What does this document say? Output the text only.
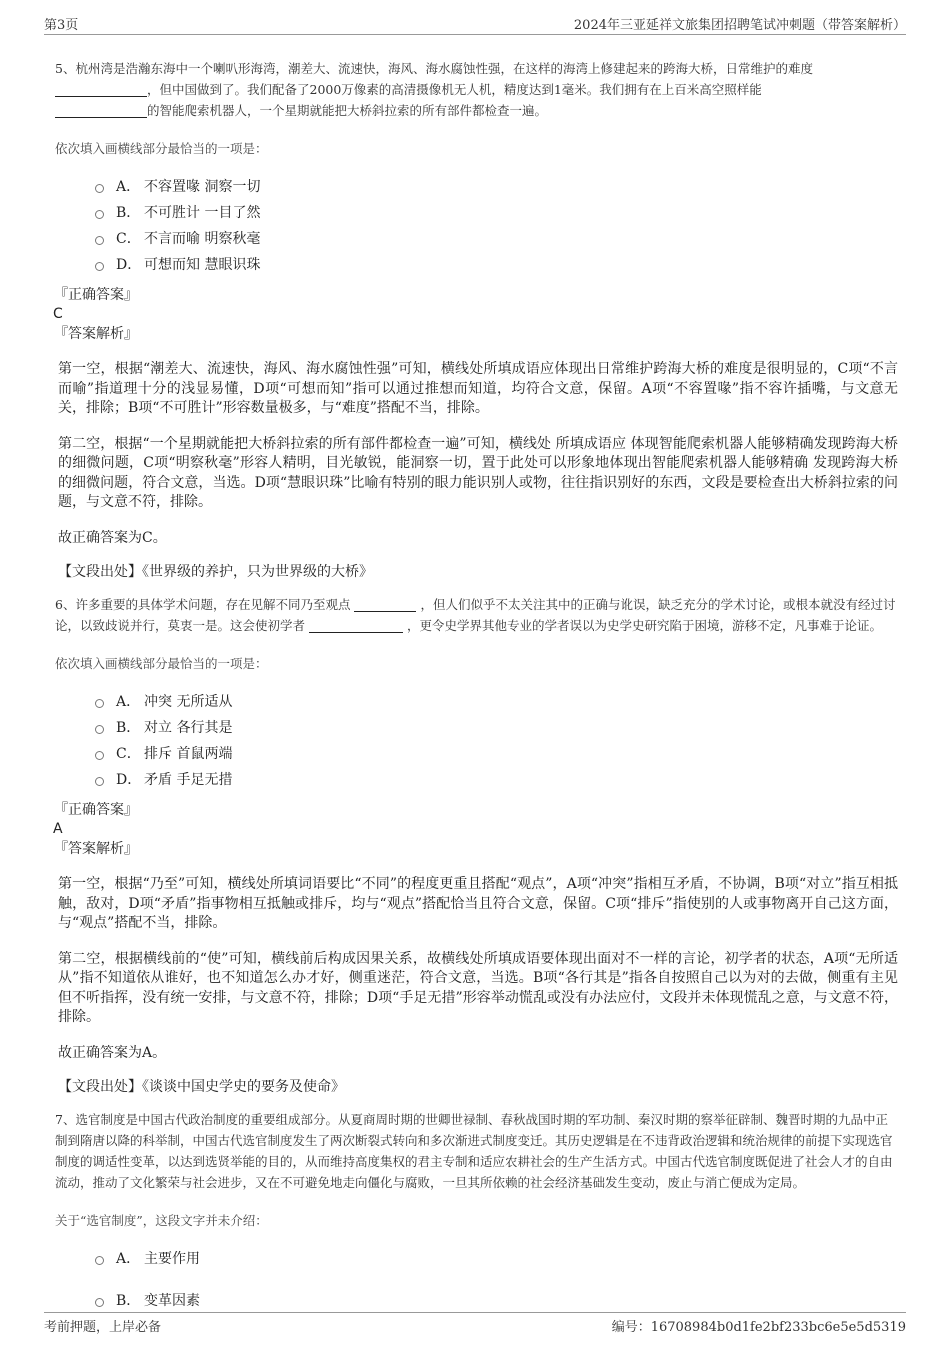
第3页	2024年三亚延祥文旅集团招聘笔试冲刺题（带答案解析）

5、杭州湾是浩瀚东海中一个喇叭形海湾，潮差大、流速快，海风、海水腐蚀性强，在这样的海湾上修建起来的跨海大桥，日常维护的难度
，但中国做到了。我们配备了2000万像素的高清摄像机无人机，精度达到1毫米。我们拥有在上百米高空照样能
的智能爬索机器人，一个星期就能把大桥斜拉索的所有部件都检查一遍。

依次填入画横线部分最恰当的一项是：
A． 不容置喙 洞察一切
B． 不可胜计 一目了然
C． 不言而喻 明察秋毫
D． 可想而知 慧眼识珠
『正确答案』
C
『答案解析』

第一空，根据“潮差大、流速快，海风、海水腐蚀性强”可知，横线处所填成语应体现出日常维护跨海大桥的难度是很明显的，C项“不言而喻”指道理十分的浅显易懂，D项“可想而知”指可以通过推想而知道，均符合文意，保留。A项“不容置喙”指不容许插嘴，与文意无关，排除；B项“不可胜计”形容数量极多，与“难度”搭配不当，排除。

第二空，根据“一个星期就能把大桥斜拉索的所有部件都检查一遍”可知，横线处 所填成语应 体现智能爬索机器人能够精确发现跨海大桥的细微问题，C项“明察秋毫”形容人精明，目光敏锐，能洞察一切，置于此处可以形象地体现出智能爬索机器人能够精确 发现跨海大桥的细微问题，符合文意，当选。D项“慧眼识珠”比喻有特别的眼力能识别人或物，往往指识别好的东西，文段是要检查出大桥斜拉索的问题，与文意不符，排除。

故正确答案为C。

【文段出处】《世界级的养护，只为世界级的大桥》

6、许多重要的具体学术问题，存在见解不同乃至观点	，但人们似乎不太关注其中的正确与讹误，缺乏充分的学术讨论，或根本就没有经过讨论，以致歧说并行，莫衷一是。这会使初学者	，更令史学界其他专业的学者误以为史学史研究陷于困境，游移不定，凡事难于论证。

依次填入画横线部分最恰当的一项是：
A． 冲突 无所适从
B． 对立 各行其是
C． 排斥 首鼠两端
D． 矛盾 手足无措
『正确答案』
A
『答案解析』

第一空，根据“乃至”可知，横线处所填词语要比“不同”的程度更重且搭配“观点”，A项“冲突”指相互矛盾，不协调，B项“对立”指互相抵触，敌对，D项“矛盾”指事物相互抵触或排斥，均与“观点”搭配恰当且符合文意，保留。C项“排斥”指使别的人或事物离开自己这方面，与“观点”搭配不当，排除。

第二空，根据横线前的“使”可知，横线前后构成因果关系，故横线处所填成语要体现出面对不一样的言论，初学者的状态，A项“无所适从”指不知道依从谁好，也不知道怎么办才好，侧重迷茫，符合文意，当选。B项“各行其是”指各自按照自己以为对的去做，侧重有主见但不听指挥，没有统一安排，与文意不符，排除；D项“手足无措”形容举动慌乱或没有办法应付，文段并未体现慌乱之意，与文意不符，排除。

故正确答案为A。

【文段出处】《谈谈中国史学史的要务及使命》

7、选官制度是中国古代政治制度的重要组成部分。从夏商周时期的世卿世禄制、春秋战国时期的军功制、秦汉时期的察举征辟制、魏晋时期的九品中正制到隋唐以降的科举制，中国古代选官制度发生了两次断裂式转向和多次渐进式制度变迁。其历史逻辑是在不违背政治逻辑和统治规律的前提下实现选官制度的调适性变革，以达到选贤举能的目的，从而维持高度集权的君主专制和适应农耕社会的生产生活方式。中国古代选官制度既促进了社会人才的自由流动，推动了文化繁荣与社会进步，又在不可避免地走向僵化与腐败，一旦其所依赖的社会经济基础发生变动，废止与消亡便成为定局。

关于“选官制度”，这段文字并未介绍：
A． 主要作用
B． 变革因素
考前押题，上岸必备	编号：16708984b0d1fe2bf233bc6e5e5d5319
